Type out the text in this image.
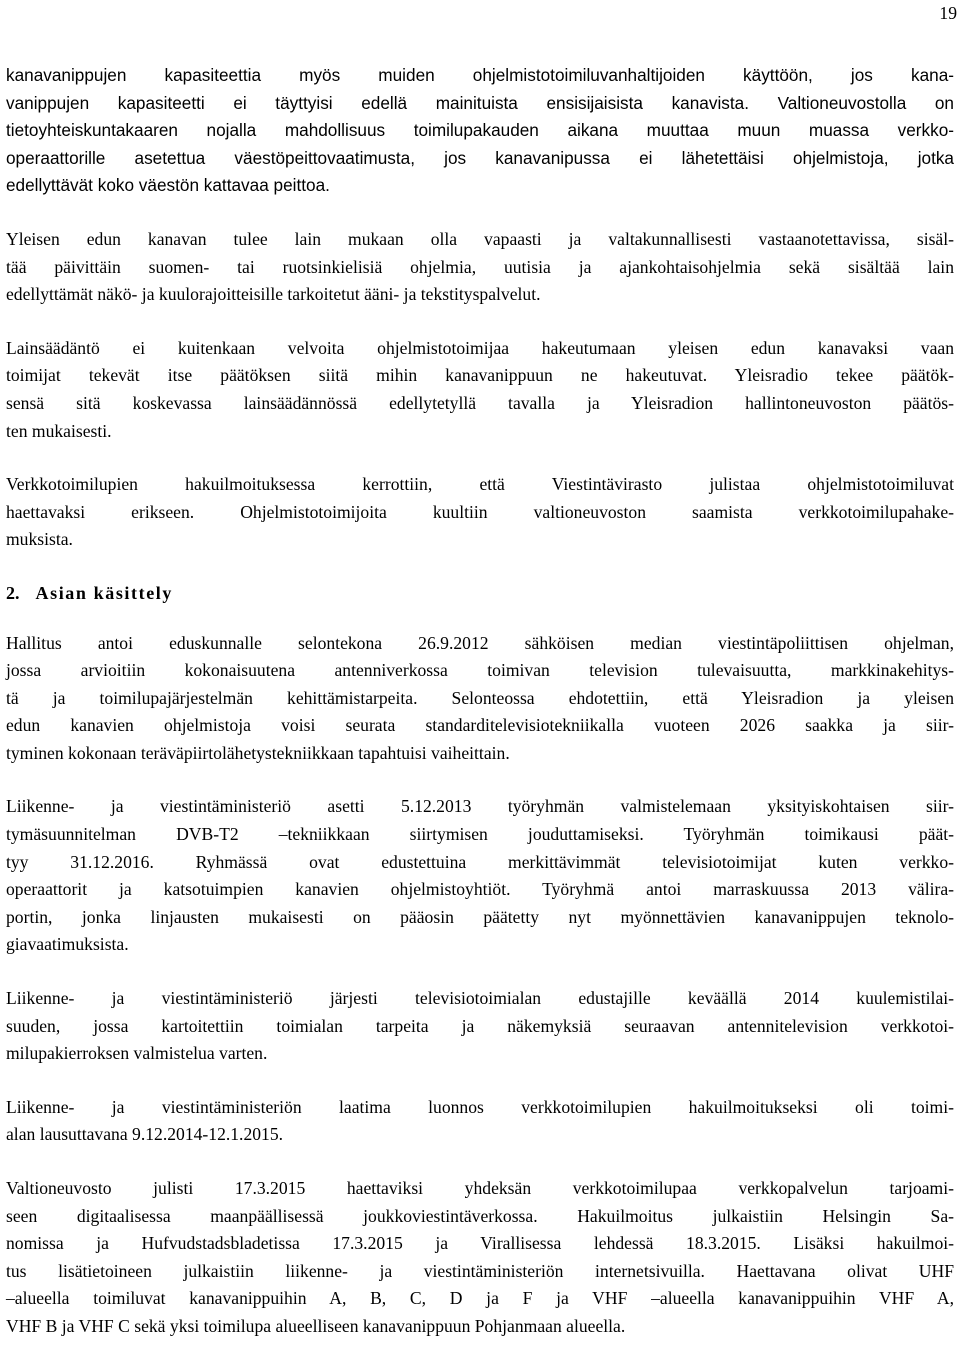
19
kanavanippujen kapasiteettia myös muiden ohjelmistotoimiluvanhaltijoiden käyttöön, jos kana-
vanippujen kapasiteetti ei täyttyisi edellä mainituista ensisijaisista kanavista. Valtioneuvostolla on
tietoyhteiskuntakaaren nojalla mahdollisuus toimilupakauden aikana muuttaa muun muassa verkko-
operaattorille asetettua väestöpeittovaatimusta, jos kanavanipussa ei lähetettäisi ohjelmistoja, jotka
edellyttävät koko väestön kattavaa peittoa.
Yleisen edun kanavan tulee lain mukaan olla vapaasti ja valtakunnallisesti vastaanotettavissa, sisäl-
tää päivittäin suomen- tai ruotsinkielisiä ohjelmia, uutisia ja ajankohtaisohjelmia sekä sisältää lain
edellyttämät näkö- ja kuulorajoitteisille tarkoitetut ääni- ja tekstityspalvelut.
Lainsäädäntö ei kuitenkaan velvoita ohjelmistotoimijaa hakeutumaan yleisen edun kanavaksi vaan
toimijat tekevät itse päätöksen siitä mihin kanavanippuun ne hakeutuvat. Yleisradio tekee päätök-
sensä sitä koskevassa lainsäädännössä edellytetyllä tavalla ja Yleisradion hallintoneuvoston päätös-
ten mukaisesti.
Verkkotoimilupien hakuilmoituksessa kerrottiin, että Viestintävirasto julistaa ohjelmistotoimiluvat
haettavaksi erikseen. Ohjelmistotoimijoita kuultiin valtioneuvoston saamista verkkotoimilupahake-
muksista.
2. Asian käsittely
Hallitus antoi eduskunnalle selontekona 26.9.2012 sähköisen median viestintäpoliittisen ohjelman,
jossa arvioitiin kokonaisuutena antenniverkossa toimivan television tulevaisuutta, markkinakehitys-
tä ja toimilupajärjestelmän kehittämistarpeita. Selonteossa ehdotettiin, että Yleisradion ja yleisen
edun kanavien ohjelmistoja voisi seurata standarditelevisiotekniikalla vuoteen 2026 saakka ja siir-
tyminen kokonaan teräväpiirtolähetystekniikkaan tapahtuisi vaiheittain.
Liikenne- ja viestintäministeriö asetti 5.12.2013 työryhmän valmistelemaan yksityiskohtaisen siir-
tymäsuunnitelman DVB-T2 –tekniikkaan siirtymisen jouduttamiseksi. Työryhmän toimikausi päät-
tyy 31.12.2016. Ryhmässä ovat edustettuina merkittävimmät televisiotoimijat kuten verkko-
operaattorit ja katsotuimpien kanavien ohjelmistoyhtiöt. Työryhmä antoi marraskuussa 2013 välira-
portin, jonka linjausten mukaisesti on pääosin päätetty nyt myönnettävien kanavanippujen teknolo-
giavaatimuksista.
Liikenne- ja viestintäministeriö järjesti televisiotoimialan edustajille keväällä 2014 kuulemistilai-
suuden, jossa kartoitettiin toimialan tarpeita ja näkemyksiä seuraavan antennitelevision verkkotoi-
milupakierroksen valmistelua varten.
Liikenne- ja viestintäministeriön laatima luonnos verkkotoimilupien hakuilmoitukseksi oli toimi-
alan lausuttavana 9.12.2014-12.1.2015.
Valtioneuvosto julisti 17.3.2015 haettaviksi yhdeksän verkkotoimilupaa verkkopalvelun tarjoami-
seen digitaalisessa maanpäällisessä joukkoviestintäverkossa. Hakuilmoitus julkaistiin Helsingin Sa-
nomissa ja Hufvudstadsbladetissa 17.3.2015 ja Virallisessa lehdessä 18.3.2015. Lisäksi hakuilmoi-
tus lisätietoineen julkaistiin liikenne- ja viestintäministeriön internetsivuilla. Haettavana olivat UHF
–alueella toimiluvat kanavanippuihin A, B, C, D ja F ja VHF –alueella kanavanippuihin VHF A,
VHF B ja VHF C sekä yksi toimilupa alueelliseen kanavanippuun Pohjanmaan alueella.
